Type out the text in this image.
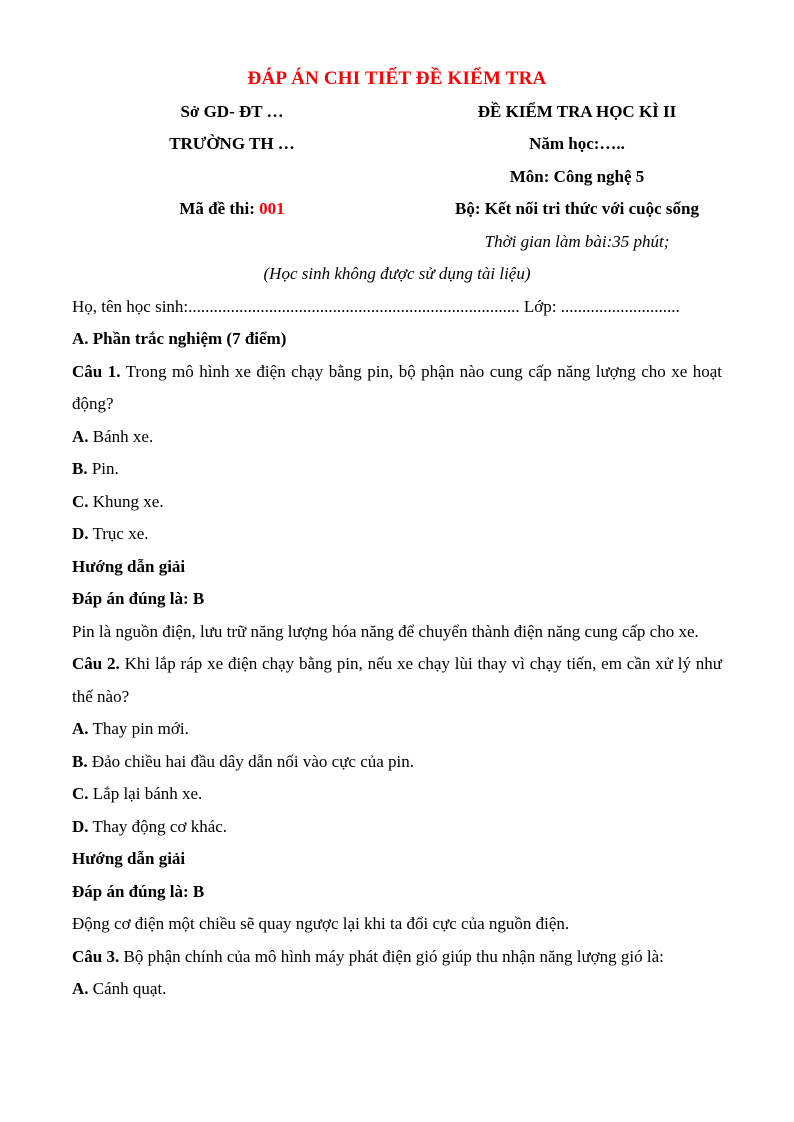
ĐÁP ÁN CHI TIẾT ĐỀ KIỂM TRA
Sở GD- ĐT …	ĐỀ KIỂM TRA HỌC KÌ II
TRƯỜNG TH …	Năm học:…..
Môn: Công nghệ 5
Mã đề thi: 001	Bộ: Kết nối tri thức với cuộc sống
Thời gian làm bài:35 phút;
(Học sinh không được sử dụng tài liệu)
Họ, tên học sinh:.............................................................................. Lớp: ............................
A. Phần trắc nghiệm (7 điểm)

Câu 1. Trong mô hình xe điện chạy bằng pin, bộ phận nào cung cấp năng lượng cho xe hoạt động?

A. Bánh xe.

B. Pin.

C. Khung xe.

D. Trục xe.

Hướng dẫn giải

Đáp án đúng là: B

Pin là nguồn điện, lưu trữ năng lượng hóa năng để chuyển thành điện năng cung cấp cho xe.

Câu 2. Khi lắp ráp xe điện chạy bằng pin, nếu xe chạy lùi thay vì chạy tiến, em cần xử lý như thế nào?

A. Thay pin mới.

B. Đảo chiều hai đầu dây dẫn nối vào cực của pin.

C. Lắp lại bánh xe.

D. Thay động cơ khác.

Hướng dẫn giải

Đáp án đúng là: B

Động cơ điện một chiều sẽ quay ngược lại khi ta đổi cực của nguồn điện.

Câu 3. Bộ phận chính của mô hình máy phát điện gió giúp thu nhận năng lượng gió là:

A. Cánh quạt.
